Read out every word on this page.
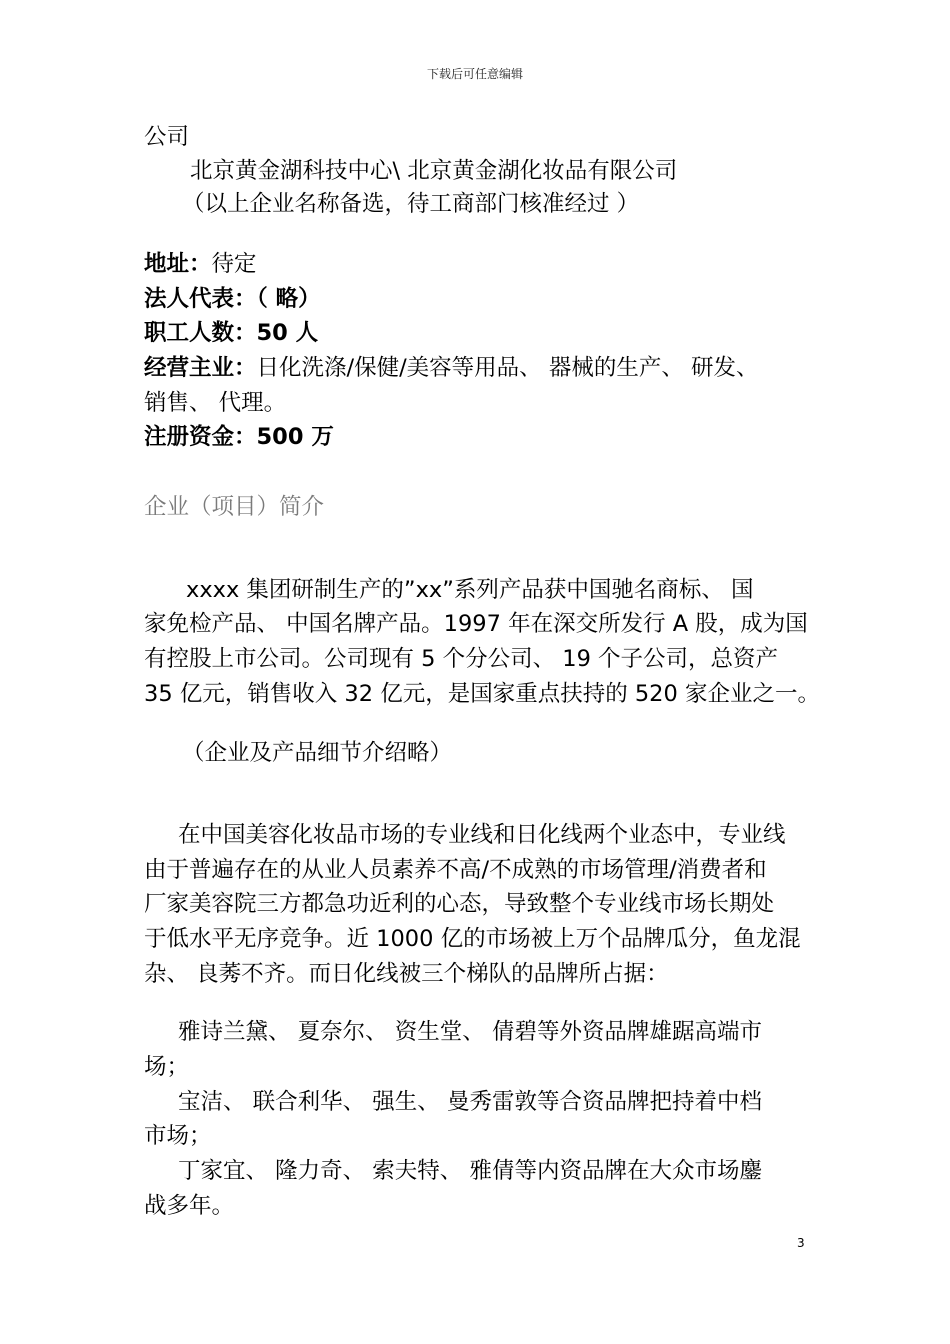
下载后可任意编辑
公司
北京黄金湖科技中心\ 北京黄金湖化妆品有限公司
（以上企业名称备选，待工商部门核准经过 ）
地址：待定
法人代表：（ 略）
职工人数：50 人
经营主业：日化洗涤/保健/美容等用品、 器械的生产、 研发、
销售、 代理。
注册资金：500 万
企业（项目）简介
xxxx 集团研制生产的”xx”系列产品获中国驰名商标、 国
家免检产品、 中国名牌产品。1997 年在深交所发行 A 股，成为国
有控股上市公司。公司现有 5 个分公司、 19 个子公司，总资产
35 亿元，销售收入 32 亿元，是国家重点扶持的 520 家企业之一。
（企业及产品细节介绍略）
在中国美容化妆品市场的专业线和日化线两个业态中，专业线
由于普遍存在的从业人员素养不高/不成熟的市场管理/消费者和
厂家美容院三方都急功近利的心态，导致整个专业线市场长期处
于低水平无序竞争。近 1000 亿的市场被上万个品牌瓜分，鱼龙混
杂、 良莠不齐。而日化线被三个梯队的品牌所占据：
雅诗兰黛、 夏奈尔、 资生堂、 倩碧等外资品牌雄踞高端市
场；
宝洁、 联合利华、 强生、 曼秀雷敦等合资品牌把持着中档
市场；
丁家宜、 隆力奇、 索夫特、 雅倩等内资品牌在大众市场鏖
战多年。
3
